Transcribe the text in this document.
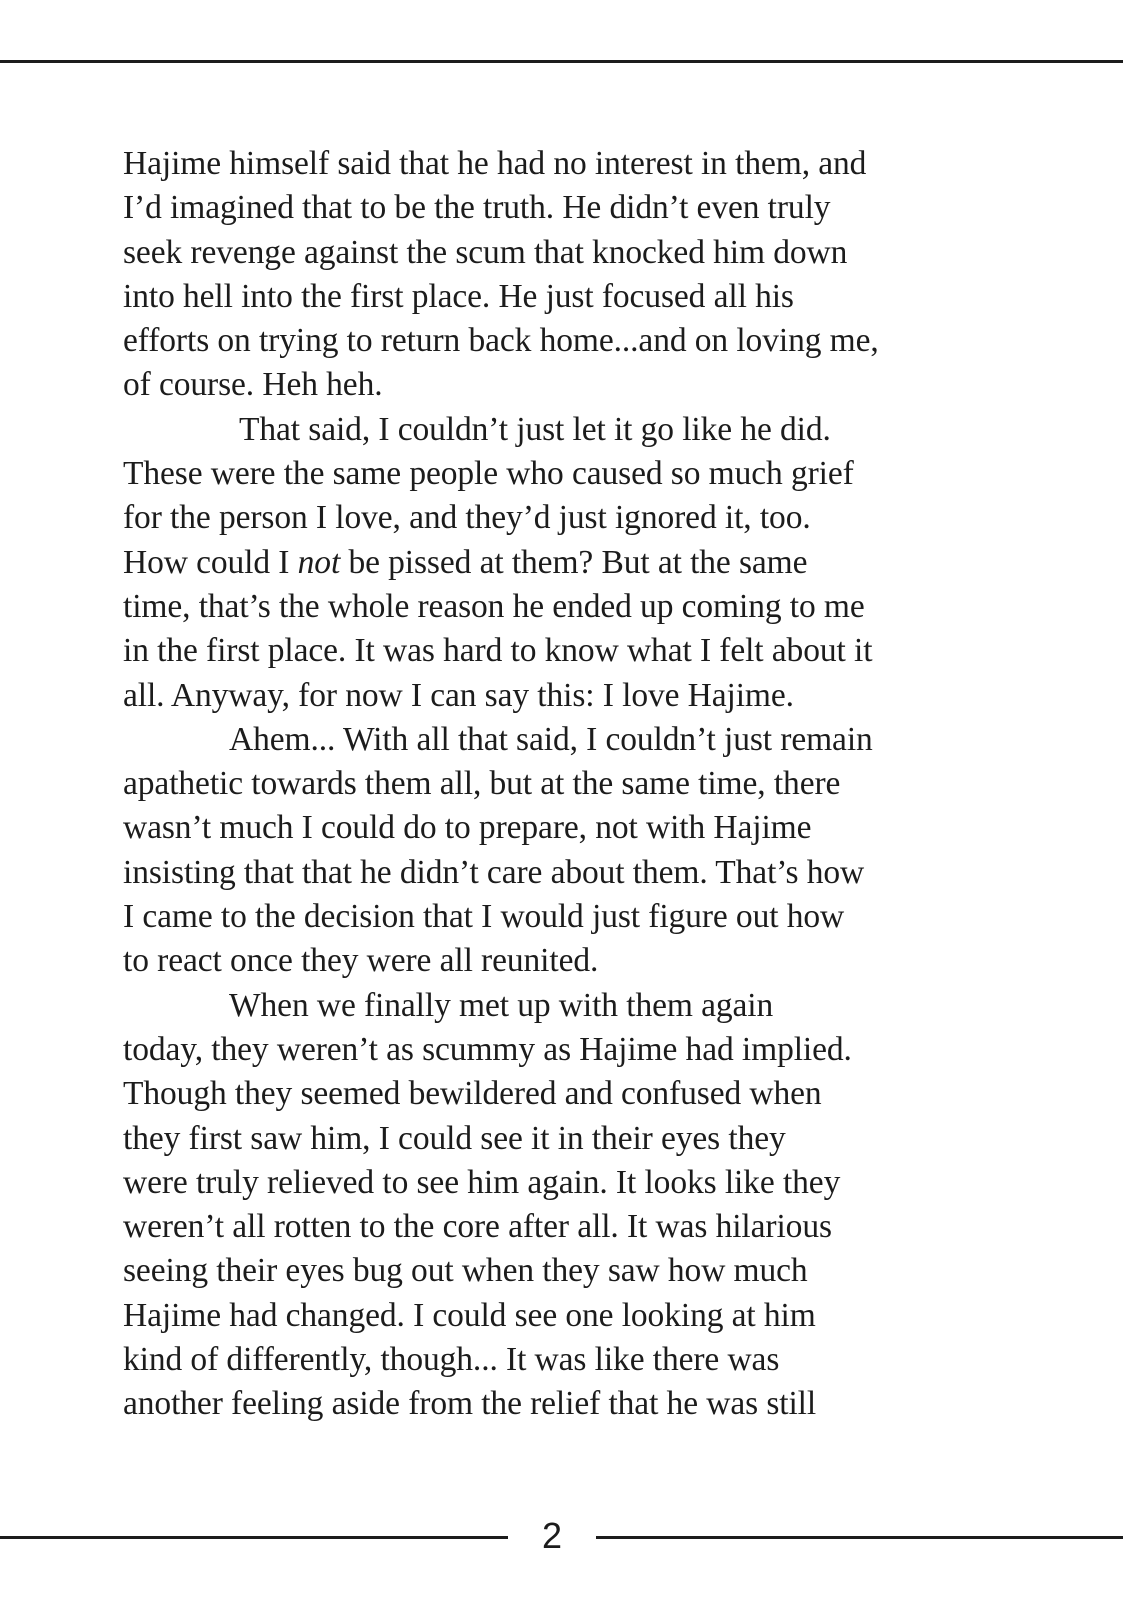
Hajime himself said that he had no interest in them, and
I’d imagined that to be the truth. He didn’t even truly
seek revenge against the scum that knocked him down
into hell into the first place. He just focused all his
efforts on trying to return back home...and on loving me,
of course. Heh heh.
That said, I couldn’t just let it go like he did.
These were the same people who caused so much grief
for the person I love, and they’d just ignored it, too.
How could I not be pissed at them? But at the same
time, that’s the whole reason he ended up coming to me
in the first place. It was hard to know what I felt about it
all. Anyway, for now I can say this: I love Hajime.
Ahem... With all that said, I couldn’t just remain
apathetic towards them all, but at the same time, there
wasn’t much I could do to prepare, not with Hajime
insisting that that he didn’t care about them. That’s how
I came to the decision that I would just figure out how
to react once they were all reunited.
When we finally met up with them again
today, they weren’t as scummy as Hajime had implied.
Though they seemed bewildered and confused when
they first saw him, I could see it in their eyes they
were truly relieved to see him again. It looks like they
weren’t all rotten to the core after all. It was hilarious
seeing their eyes bug out when they saw how much
Hajime had changed. I could see one looking at him
kind of differently, though... It was like there was
another feeling aside from the relief that he was still
2
